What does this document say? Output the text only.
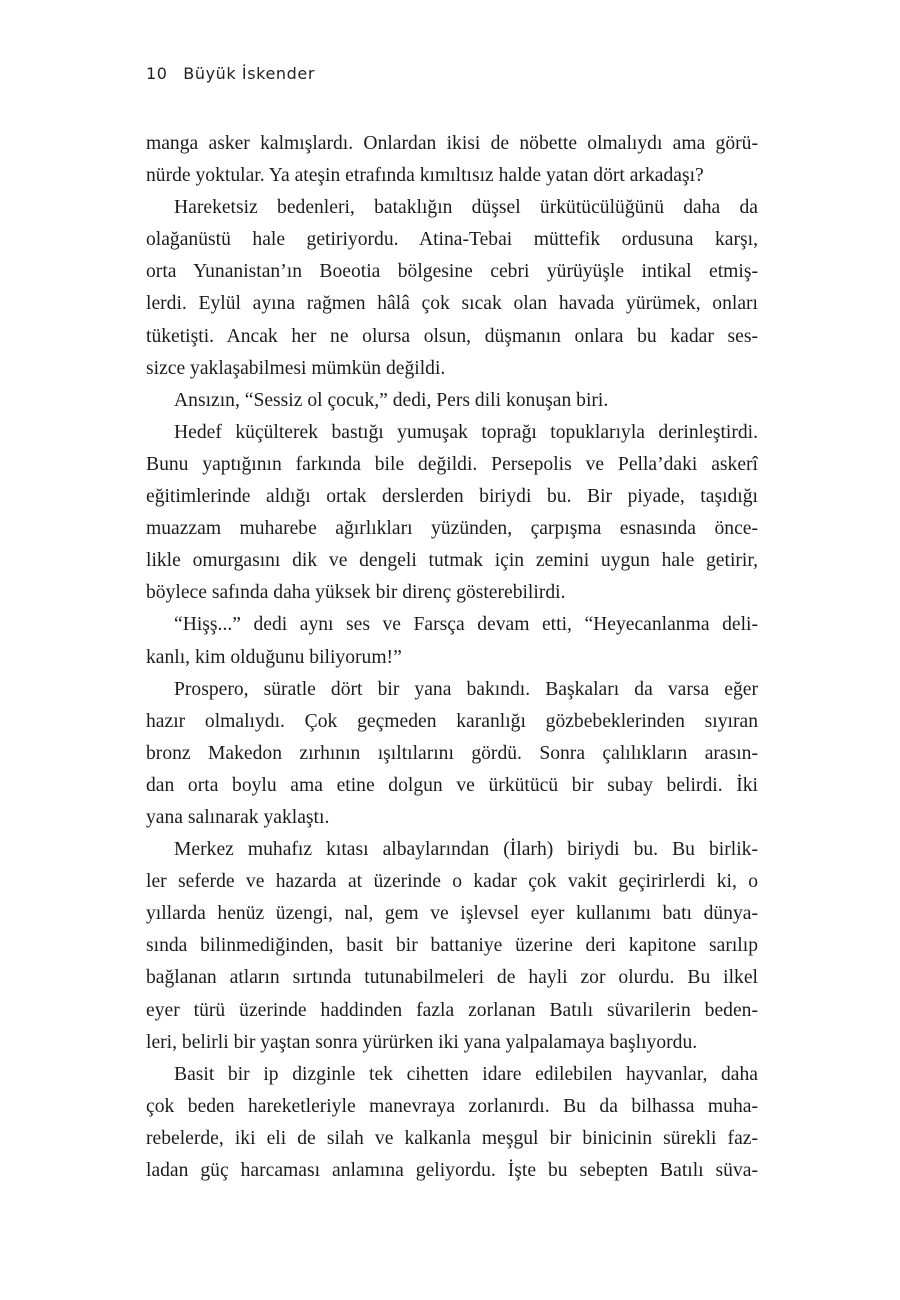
10 Büyük İskender
manga asker kalmışlardı. Onlardan ikisi de nöbette olmalıydı ama görü-
nürde yoktular. Ya ateşin etrafında kımıltısız halde yatan dört arkadaşı?
Hareketsiz bedenleri, bataklığın düşsel ürkütücülüğünü daha da
olağanüstü hale getiriyordu. Atina-Tebai müttefik ordusuna karşı,
orta Yunanistan’ın Boeotia bölgesine cebri yürüyüşle intikal etmiş-
lerdi. Eylül ayına rağmen hâlâ çok sıcak olan havada yürümek, onları
tüketişti. Ancak her ne olursa olsun, düşmanın onlara bu kadar ses-
sizce yaklaşabilmesi mümkün değildi.
Ansızın, “Sessiz ol çocuk,” dedi, Pers dili konuşan biri.
Hedef küçülterek bastığı yumuşak toprağı topuklarıyla derinleştirdi.
Bunu yaptığının farkında bile değildi. Persepolis ve Pella’daki askerî
eğitimlerinde aldığı ortak derslerden biriydi bu. Bir piyade, taşıdığı
muazzam muharebe ağırlıkları yüzünden, çarpışma esnasında önce-
likle omurgasını dik ve dengeli tutmak için zemini uygun hale getirir,
böylece safında daha yüksek bir direnç gösterebilirdi.
“Hişş...” dedi aynı ses ve Farsça devam etti, “Heyecanlanma deli-
kanlı, kim olduğunu biliyorum!”
Prospero, süratle dört bir yana bakındı. Başkaları da varsa eğer
hazır olmalıydı. Çok geçmeden karanlığı gözbebeklerinden sıyıran
bronz Makedon zırhının ışıltılarını gördü. Sonra çalılıkların arasın-
dan orta boylu ama etine dolgun ve ürkütücü bir subay belirdi. İki
yana salınarak yaklaştı.
Merkez muhafız kıtası albaylarından (İlarh) biriydi bu. Bu birlik-
ler seferde ve hazarda at üzerinde o kadar çok vakit geçirirlerdi ki, o
yıllarda henüz üzengi, nal, gem ve işlevsel eyer kullanımı batı dünya-
sında bilinmediğinden, basit bir battaniye üzerine deri kapitone sarılıp
bağlanan atların sırtında tutunabilmeleri de hayli zor olurdu. Bu ilkel
eyer türü üzerinde haddinden fazla zorlanan Batılı süvarilerin beden-
leri, belirli bir yaştan sonra yürürken iki yana yalpalamaya başlıyordu.
Basit bir ip dizginle tek cihetten idare edilebilen hayvanlar, daha
çok beden hareketleriyle manevraya zorlanırdı. Bu da bilhassa muha-
rebelerde, iki eli de silah ve kalkanla meşgul bir binicinin sürekli faz-
ladan güç harcaması anlamına geliyordu. İşte bu sebepten Batılı süva-
